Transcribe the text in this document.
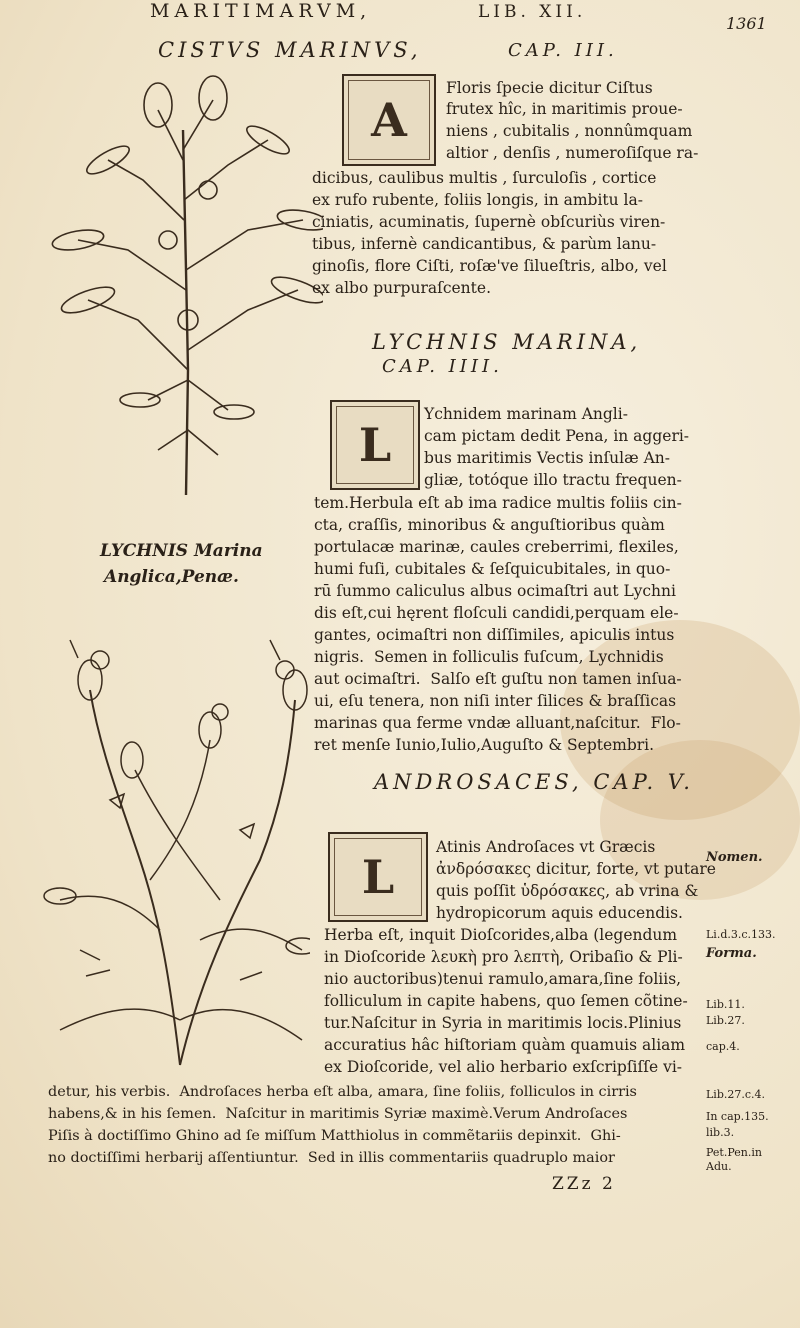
MARITIMARVM,	LIB. XII.
1361
CISTVS MARINVS,	CAP. III.
A
Floris ſpecie dicitur Ciſtus
frutex hîc, in maritimis proue-
niens , cubitalis , nonnûmquam
altior , denſis , numeroſiſque ra-
dicibus, caulibus multis , ſurculoſis , cortice
ex rufo rubente, foliis longis, in ambitu la-
ciniatis, acuminatis, ſupernè obſcuriùs viren-
tibus, infernè candicantibus, & parùm lanu-
ginoſis, flore Ciſti, roſæ've ſilueſtris, albo, vel
ex albo purpuraſcente.
LYCHNIS MARINA,
CAP. IIII.
L
Ychnidem marinam Angli-
cam pictam dedit Pena, in aggeri-
bus maritimis Vectis inſulæ An-
gliæ, totóque illo tractu frequen-
tem.Herbula eſt ab ima radice multis foliis cin-
cta, craſſis, minoribus & anguſtioribus quàm
portulacæ marinæ, caules creberrimi, flexiles,
humi fuſi, cubitales & ſeſquicubitales, in quo-
rū ſummo caliculus albus ocimaſtri aut Lychni
dis eſt,cui hęrent floſculi candidi,perquam ele-
gantes, ocimaſtri non diſſimiles, apiculis intus
nigris.  Semen in folliculis fuſcum, Lychnidis
aut ocimaſtri.  Salſo eſt guſtu non tamen inſua-
ui, eſu tenera, non niſi inter ſilices & braſſicas
marinas qua ferme vndæ alluant,naſcitur.  Flo-
ret menſe Iunio,Iulio,Auguſto & Septembri.
LYCHNIS Marina
Anglica,Penæ.
ANDROSACES, CAP. V.
L
Atinis Androſaces vt Græcis
ἀνδρόσακες dicitur, forte, vt putare
quis poſſit ὑδρόσακες, ab vrina &
hydropicorum aquis educendis.
Herba eſt, inquit Dioſcorides,alba (legendum
in Dioſcoride λευκὴ pro λεπτὴ, Oribaſio & Pli-
nio auctoribus)tenui ramulo,amara,ſine foliis,
folliculum in capite habens, quo ſemen cõtine-
tur.Naſcitur in Syria in maritimis locis.Plinius
accuratius hâc hiſtoriam quàm quamuis aliam
ex Dioſcoride, vel alio herbario exſcripſiſſe vi-
detur, his verbis.  Androſaces herba eſt alba, amara, ſine foliis, folliculos in cirris
habens,& in his ſemen.  Naſcitur in maritimis Syriæ maximè.Verum Androſaces
Piſis à doctiſſimo Ghino ad ſe miſſum Matthiolus in commẽtariis depinxit.  Ghi-
no doctiſſimi herbarij aſſentiuntur.  Sed in illis commentariis quadruplo maior
Nomen.
Li.d.3.c.133.
Forma.
Lib.11.
Lib.27.
cap.4.
Lib.27.c.4.
In cap.135.
lib.3.
Pet.Pen.in
Adu.
ZZz 2
